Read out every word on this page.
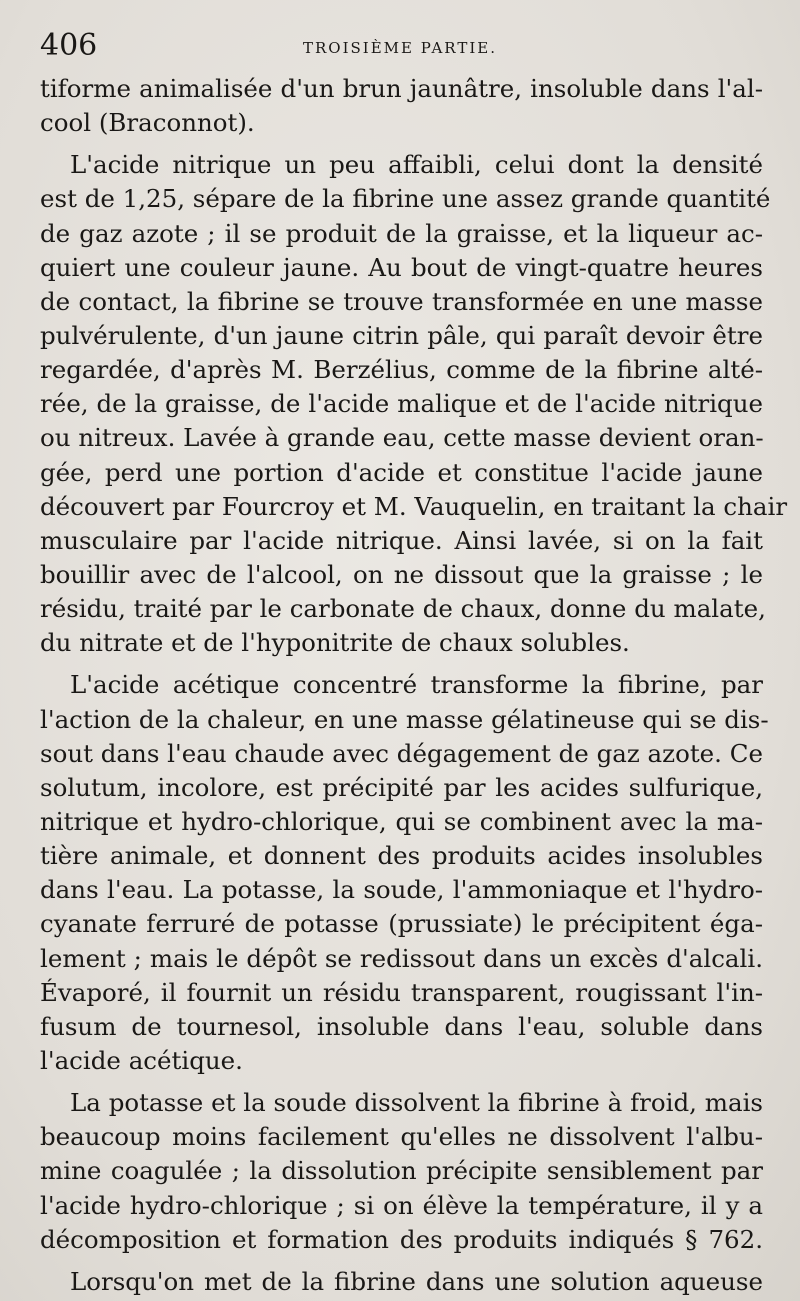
406	TROISIÈME PARTIE.
tiforme animalisée d'un brun jaunâtre, insoluble dans l'al-
cool (Braconnot).
L'acide nitrique un peu affaibli, celui dont la densité
est de 1,25, sépare de la fibrine une assez grande quantité
de gaz azote ; il se produit de la graisse, et la liqueur ac-
quiert une couleur jaune. Au bout de vingt-quatre heures
de contact, la fibrine se trouve transformée en une masse
pulvérulente, d'un jaune citrin pâle, qui paraît devoir être
regardée, d'après M. Berzélius, comme de la fibrine alté-
rée, de la graisse, de l'acide malique et de l'acide nitrique
ou nitreux. Lavée à grande eau, cette masse devient oran-
gée, perd une portion d'acide et constitue l'acide jaune
découvert par Fourcroy et M. Vauquelin, en traitant la chair
musculaire par l'acide nitrique. Ainsi lavée, si on la fait
bouillir avec de l'alcool, on ne dissout que la graisse ; le
résidu, traité par le carbonate de chaux, donne du malate,
du nitrate et de l'hyponitrite de chaux solubles.
L'acide acétique concentré transforme la fibrine, par
l'action de la chaleur, en une masse gélatineuse qui se dis-
sout dans l'eau chaude avec dégagement de gaz azote. Ce
solutum, incolore, est précipité par les acides sulfurique,
nitrique et hydro-chlorique, qui se combinent avec la ma-
tière animale, et donnent des produits acides insolubles
dans l'eau. La potasse, la soude, l'ammoniaque et l'hydro-
cyanate ferruré de potasse (prussiate) le précipitent éga-
lement ; mais le dépôt se redissout dans un excès d'alcali.
Évaporé, il fournit un résidu transparent, rougissant l'in-
fusum de tournesol, insoluble dans l'eau, soluble dans
l'acide acétique.
La potasse et la soude dissolvent la fibrine à froid, mais
beaucoup moins facilement qu'elles ne dissolvent l'albu-
mine coagulée ; la dissolution précipite sensiblement par
l'acide hydro-chlorique ; si on élève la température, il y a
décomposition et formation des produits indiqués § 762.
Lorsqu'on met de la fibrine dans une solution aqueuse
